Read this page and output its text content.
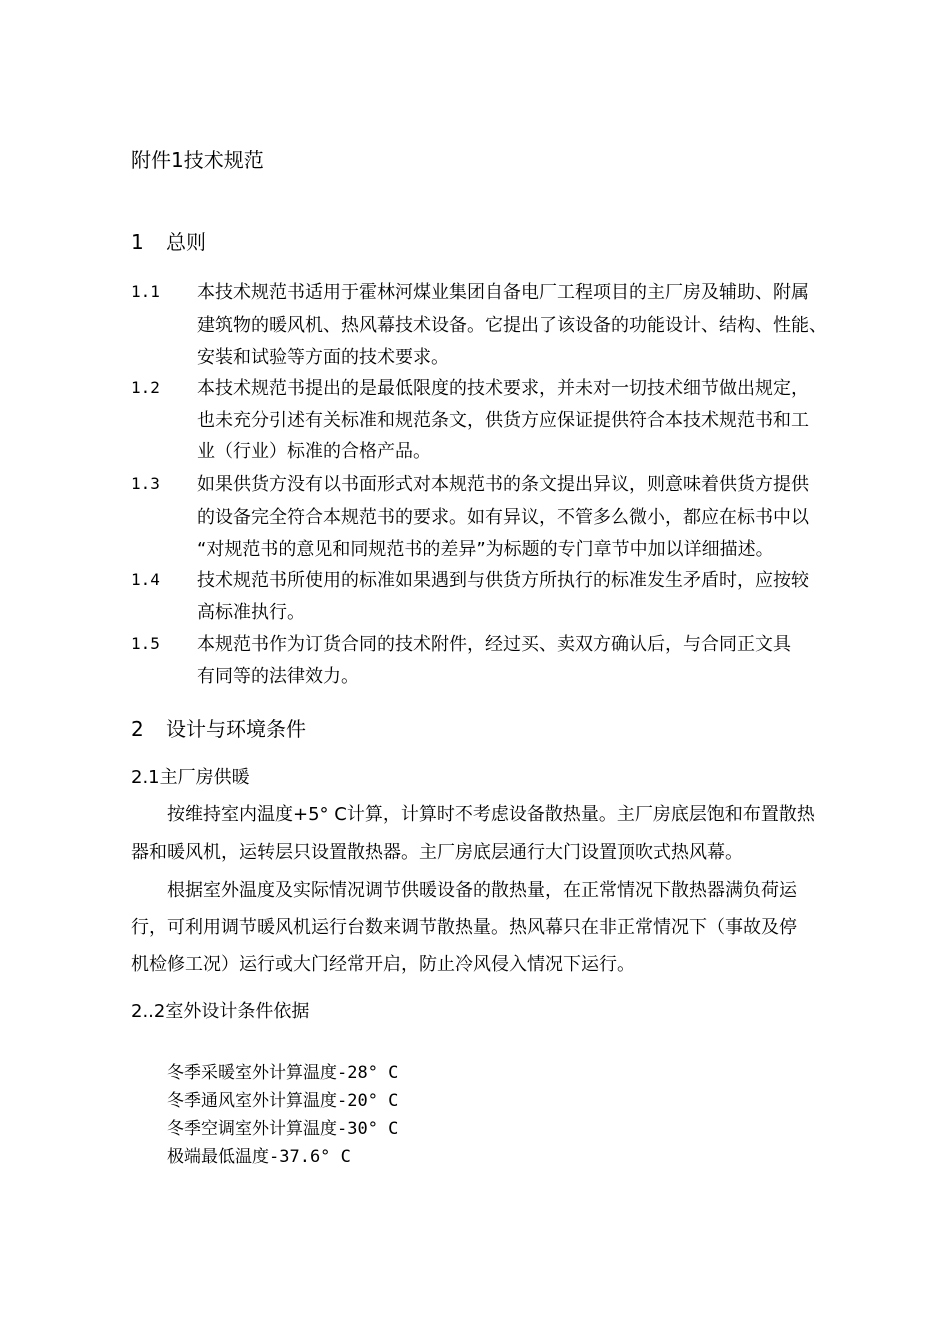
附件1技术规范
1 总则
1.1 本技术规范书适用于霍林河煤业集团自备电厂工程项目的主厂房及辅助、附属
建筑物的暖风机、热风幕技术设备。它提出了该设备的功能设计、结构、性能、
安装和试验等方面的技术要求。
1.2 本技术规范书提出的是最低限度的技术要求，并未对一切技术细节做出规定，
也未充分引述有关标准和规范条文，供货方应保证提供符合本技术规范书和工
业（行业）标准的合格产品。
1.3 如果供货方没有以书面形式对本规范书的条文提出异议，则意味着供货方提供
的设备完全符合本规范书的要求。如有异议，不管多么微小，都应在标书中以
“对规范书的意见和同规范书的差异”为标题的专门章节中加以详细描述。
1.4 技术规范书所使用的标准如果遇到与供货方所执行的标准发生矛盾时，应按较
高标准执行。
1.5 本规范书作为订货合同的技术附件，经过买、卖双方确认后，与合同正文具
有同等的法律效力。
2 设计与环境条件
2.1主厂房供暖
按维持室内温度+5° C计算，计算时不考虑设备散热量。主厂房底层饱和布置散热
器和暖风机，运转层只设置散热器。主厂房底层通行大门设置顶吹式热风幕。
根据室外温度及实际情况调节供暖设备的散热量，在正常情况下散热器满负荷运
行，可利用调节暖风机运行台数来调节散热量。热风幕只在非正常情况下（事故及停
机检修工况）运行或大门经常开启，防止冷风侵入情况下运行。
2..2室外设计条件依据
冬季采暖室外计算温度-28° C
冬季通风室外计算温度-20° C
冬季空调室外计算温度-30° C
极端最低温度-37.6° C
